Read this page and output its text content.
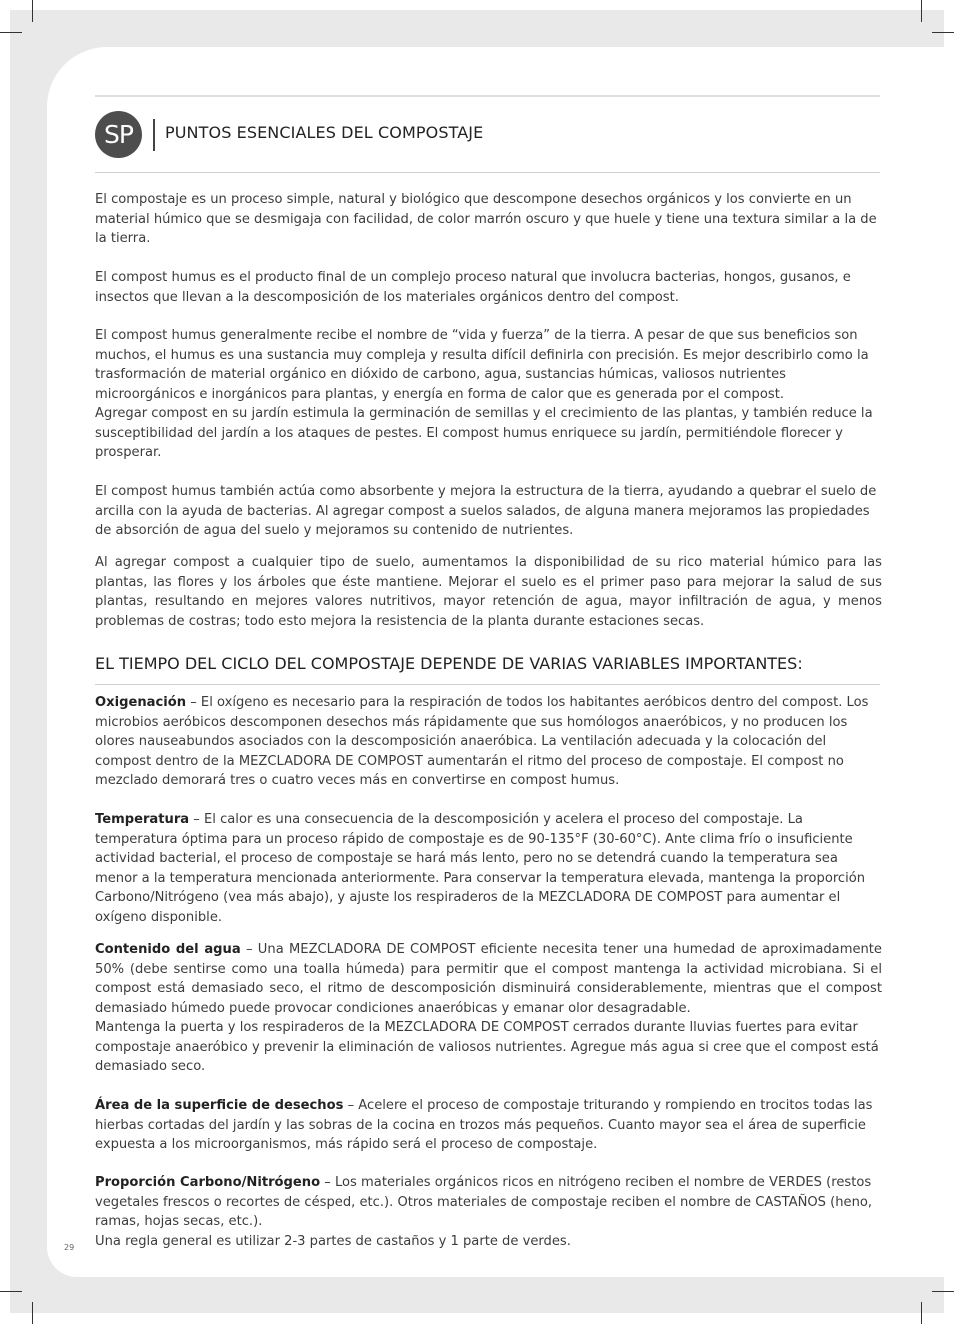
SP	PUNTOS ESENCIALES DEL COMPOSTAJE

El compostaje es un proceso simple, natural y biológico que descompone desechos orgánicos y los convierte en un material húmico que se desmigaja con facilidad, de color marrón oscuro y que huele y tiene una textura similar a la de la tierra.

El compost humus es el producto final de un complejo proceso natural que involucra bacterias, hongos, gusanos, e insectos que llevan a la descomposición de los materiales orgánicos dentro del compost.

El compost humus generalmente recibe el nombre de “vida y fuerza” de la tierra. A pesar de que sus beneficios son muchos, el humus es una sustancia muy compleja y resulta difícil definirla con precisión. Es mejor describirlo como la trasformación de material orgánico en dióxido de carbono, agua, sustancias húmicas, valiosos nutrientes microorgánicos e inorgánicos para plantas, y energía en forma de calor que es generada por el compost.

Agregar compost en su jardín estimula la germinación de semillas y el crecimiento de las plantas, y también reduce la susceptibilidad del jardín a los ataques de pestes. El compost humus enriquece su jardín, permitiéndole florecer y prosperar.

El compost humus también actúa como absorbente y mejora la estructura de la tierra, ayudando a quebrar el suelo de arcilla con la ayuda de bacterias. Al agregar compost a suelos salados, de alguna manera mejoramos las propiedades de absorción de agua del suelo y mejoramos su contenido de nutrientes.

Al agregar compost a cualquier tipo de suelo, aumentamos la disponibilidad de su rico material húmico para las plantas, las flores y los árboles que éste mantiene. Mejorar el suelo es el primer paso para mejorar la salud de sus plantas, resultando en mejores valores nutritivos, mayor retención de agua, mayor infiltración de agua, y menos problemas de costras; todo esto mejora la resistencia de la planta durante estaciones secas.

EL TIEMPO DEL CICLO DEL COMPOSTAJE DEPENDE DE VARIAS VARIABLES IMPORTANTES:

Oxigenación – El oxígeno es necesario para la respiración de todos los habitantes aeróbicos dentro del compost. Los microbios aeróbicos descomponen desechos más rápidamente que sus homólogos anaeróbicos, y no producen los olores nauseabundos asociados con la descomposición anaeróbica. La ventilación adecuada y la colocación del compost dentro de la MEZCLADORA DE COMPOST aumentarán el ritmo del proceso de compostaje. El compost no mezclado demorará tres o cuatro veces más en convertirse en compost humus.

Temperatura – El calor es una consecuencia de la descomposición y acelera el proceso del compostaje. La temperatura óptima para un proceso rápido de compostaje es de 90-135°F (30-60°C). Ante clima frío o insuficiente actividad bacterial, el proceso de compostaje se hará más lento, pero no se detendrá cuando la temperatura sea menor a la temperatura mencionada anteriormente. Para conservar la temperatura elevada, mantenga la proporción Carbono/Nitrógeno (vea más abajo), y ajuste los respiraderos de la MEZCLADORA DE COMPOST para aumentar el oxígeno disponible.

Contenido del agua – Una MEZCLADORA DE COMPOST eficiente necesita tener una humedad de aproximadamente 50% (debe sentirse como una toalla húmeda) para permitir que el compost mantenga la actividad microbiana. Si el compost está demasiado seco, el ritmo de descomposición disminuirá considerablemente, mientras que el compost demasiado húmedo puede provocar condiciones anaeróbicas y emanar olor desagradable.
Mantenga la puerta y los respiraderos de la MEZCLADORA DE COMPOST cerrados durante lluvias fuertes para evitar compostaje anaeróbico y prevenir la eliminación de valiosos nutrientes. Agregue más agua si cree que el compost está demasiado seco.

Área de la superficie de desechos – Acelere el proceso de compostaje triturando y rompiendo en trocitos todas las hierbas cortadas del jardín y las sobras de la cocina en trozos más pequeños. Cuanto mayor sea el área de superficie expuesta a los microorganismos, más rápido será el proceso de compostaje.

Proporción Carbono/Nitrógeno – Los materiales orgánicos ricos en nitrógeno reciben el nombre de VERDES (restos vegetales frescos o recortes de césped, etc.). Otros materiales de compostaje reciben el nombre de CASTAÑOS (heno, ramas, hojas secas, etc.).
Una regla general es utilizar 2-3 partes de castaños y 1 parte de verdes.
29
